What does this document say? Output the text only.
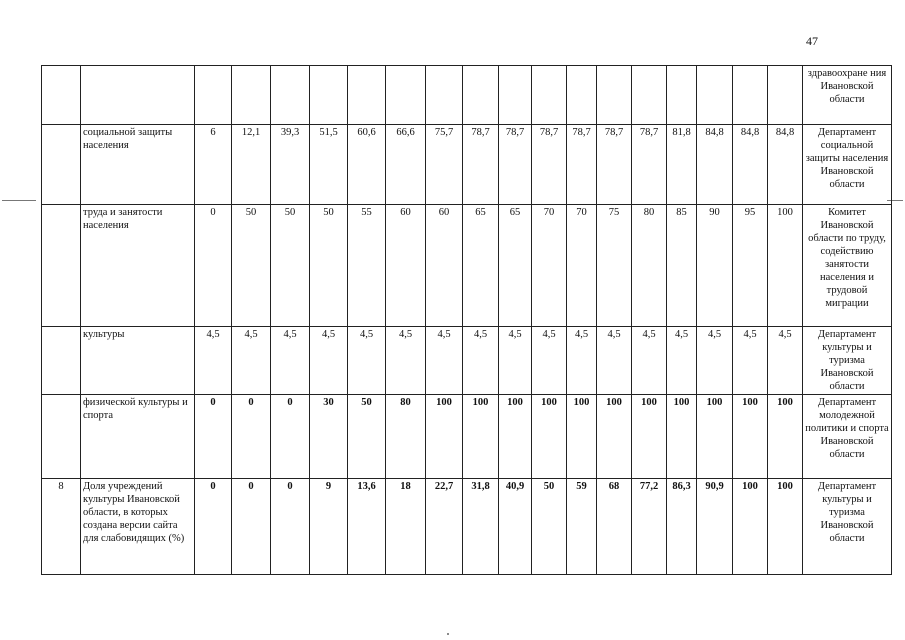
47
																			здравоохране ния Ивановской области
	социальной защиты населения	6	12,1	39,3	51,5	60,6	66,6	75,7	78,7	78,7	78,7	78,7	78,7	78,7	81,8	84,8	84,8	84,8	Департамент социальной защиты населения Ивановской области
	труда и занятости населения	0	50	50	50	55	60	60	65	65	70	70	75	80	85	90	95	100	Комитет Ивановской области по труду, содействию занятости населения и трудовой миграции
	культуры	4,5	4,5	4,5	4,5	4,5	4,5	4,5	4,5	4,5	4,5	4,5	4,5	4,5	4,5	4,5	4,5	4,5	Департамент культуры и туризма Ивановской области
	физической культуры и спорта	0	0	0	30	50	80	100	100	100	100	100	100	100	100	100	100	100	Департамент молодежной политики и спорта Ивановской области
8	Доля учреждений культуры Ивановской области, в которых создана версии сайта для слабовидящих (%)	0	0	0	9	13,6	18	22,7	31,8	40,9	50	59	68	77,2	86,3	90,9	100	100	Департамент культуры и туризма Ивановской области
